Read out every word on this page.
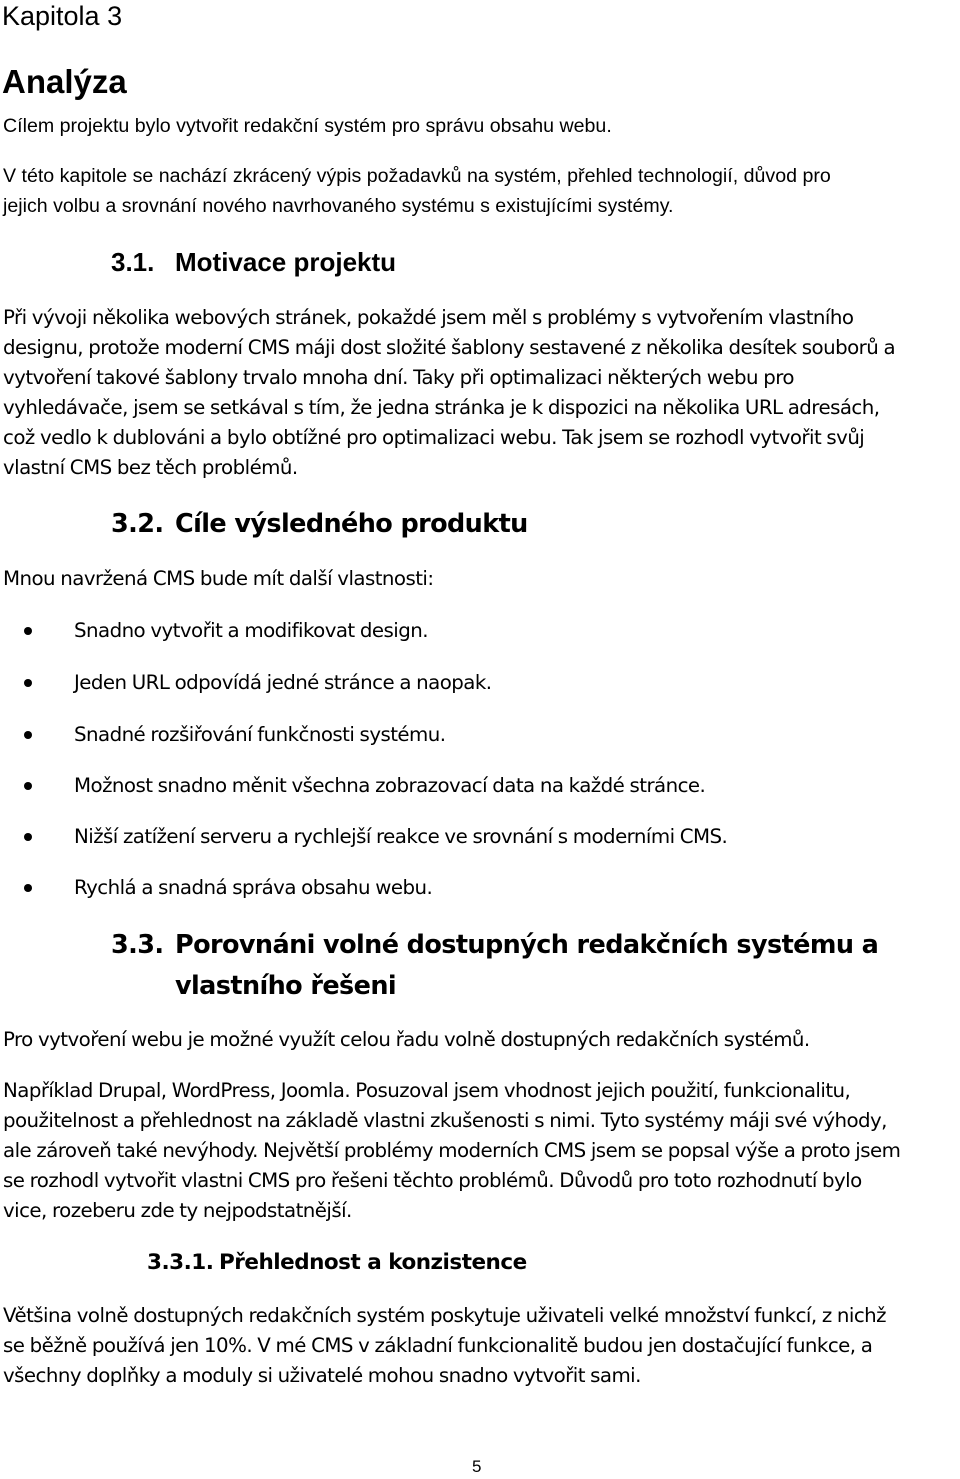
Kapitola 3
Analýza
Cílem projektu bylo vytvořit redakční systém pro správu obsahu webu.
V této kapitole se nachází zkrácený výpis požadavků na systém, přehled technologií, důvod pro
jejich volbu a srovnání nového navrhovaného systému s existujícími systémy.
3.1. Motivace projektu
Při vývoji několika webových stránek, pokaždé jsem měl s problémy s vytvořením vlastního
designu, protože moderní CMS máji dost složité šablony sestavené z několika desítek souborů a
vytvoření takové šablony trvalo mnoha dní. Taky při optimalizaci některých webu pro
vyhledávače, jsem se setkával s tím, že jedna stránka je k dispozici na několika URL adresách,
což vedlo k dublováni a bylo obtížné pro optimalizaci webu. Tak jsem se rozhodl vytvořit svůj
vlastní CMS bez těch problémů.
3.2. Cíle výsledného produktu
Mnou navržená CMS bude mít další vlastnosti:
Snadno vytvořit a modifikovat design.
Jeden URL odpovídá jedné stránce a naopak.
Snadné rozšiřování funkčnosti systému.
Možnost snadno měnit všechna zobrazovací data na každé stránce.
Nižší zatížení serveru a rychlejší reakce ve srovnání s moderními CMS.
Rychlá a snadná správa obsahu webu.
3.3. Porovnáni volné dostupných redakčních systému a
vlastního řešeni
Pro vytvoření webu je možné využít celou řadu volně dostupných redakčních systémů.
Například Drupal, WordPress, Joomla. Posuzoval jsem vhodnost jejich použití, funkcionalitu,
použitelnost a přehlednost na základě vlastni zkušenosti s nimi. Tyto systémy máji své výhody,
ale zároveň také nevýhody. Největší problémy moderních CMS jsem se popsal výše a proto jsem
se rozhodl vytvořit vlastni CMS pro řešeni těchto problémů. Důvodů pro toto rozhodnutí bylo
vice, rozeberu zde ty nejpodstatnější.
3.3.1. Přehlednost a konzistence
Většina volně dostupných redakčních systém poskytuje uživateli velké množství funkcí, z nichž
se běžně používá jen 10%. V mé CMS v základní funkcionalitě budou jen dostačující funkce, a
všechny doplňky a moduly si uživatelé mohou snadno vytvořit sami.
5
